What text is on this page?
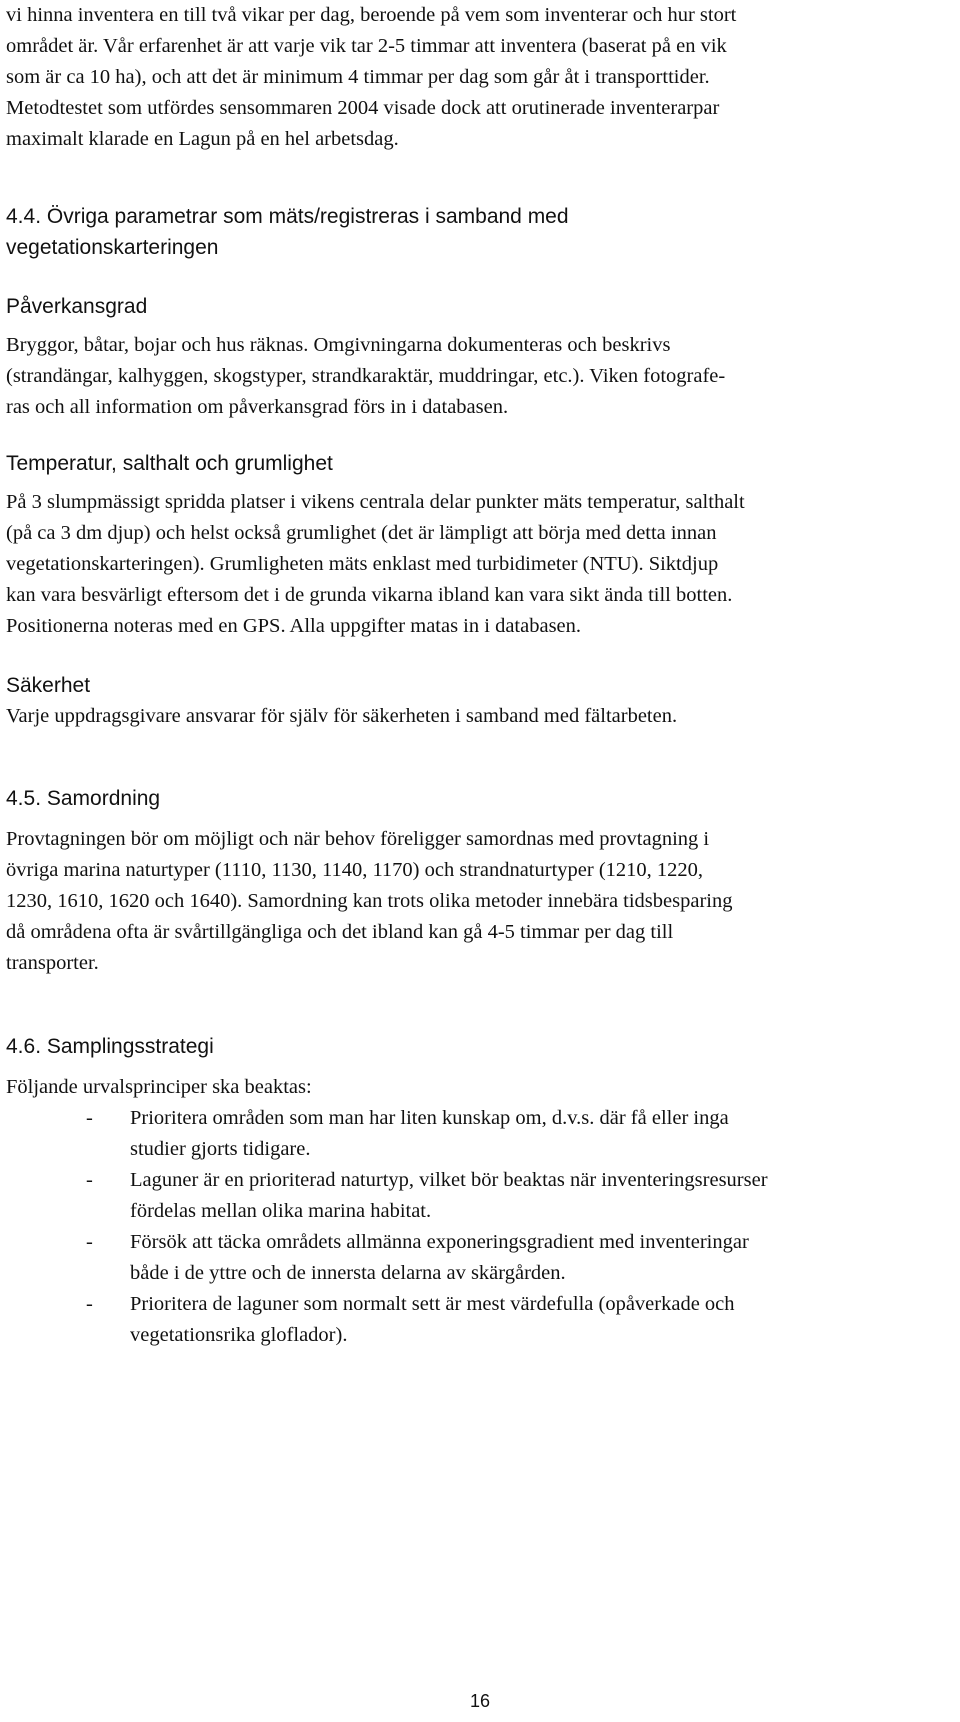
vi hinna inventera en till två vikar per dag, beroende på vem som inventerar och hur stort

området är. Vår erfarenhet är att varje vik tar 2-5 timmar att inventera (baserat på en vik

som är ca 10 ha), och att det är minimum 4 timmar per dag som går åt i transporttider.

Metodtestet som utfördes sensommaren 2004 visade dock att orutinerade inventerarpar

maximalt klarade en Lagun på en hel arbetsdag.

4.4. Övriga parametrar som mäts/registreras i samband med
vegetationskarteringen
Påverkansgrad

Bryggor, båtar, bojar och hus räknas. Omgivningarna dokumenteras och beskrivs

(strandängar, kalhyggen, skogstyper, strandkaraktär, muddringar, etc.). Viken fotografe-

ras och all information om påverkansgrad förs in i databasen.

Temperatur, salthalt och grumlighet

På 3 slumpmässigt spridda platser i vikens centrala delar punkter mäts temperatur, salthalt

(på ca 3 dm djup) och helst också grumlighet (det är lämpligt att börja med detta innan

vegetationskarteringen). Grumligheten mäts enklast med turbidimeter (NTU). Siktdjup

kan vara besvärligt eftersom det i de grunda vikarna ibland kan vara sikt ända till botten.

Positionerna noteras med en GPS. Alla uppgifter matas in i databasen.

Säkerhet

Varje uppdragsgivare ansvarar för själv för säkerheten i samband med fältarbeten.

4.5. Samordning

Provtagningen bör om möjligt och när behov föreligger samordnas med provtagning i

övriga marina naturtyper (1110, 1130, 1140, 1170) och strandnaturtyper (1210, 1220,

1230, 1610, 1620 och 1640). Samordning kan trots olika metoder innebära tidsbesparing

då områdena ofta är svårtillgängliga och det ibland kan gå 4-5 timmar per dag till

transporter.

4.6. Samplingsstrategi

Följande urvalsprinciper ska beaktas:

-	Prioritera områden som man har liten kunskap om, d.v.s. där få eller inga

studier gjorts tidigare.

-	Laguner är en prioriterad naturtyp, vilket bör beaktas när inventeringsresurser

fördelas mellan olika marina habitat.

-	Försök att täcka områdets allmänna exponeringsgradient med inventeringar

både i de yttre och de innersta delarna av skärgården.

-	Prioritera de laguner som normalt sett är mest värdefulla (opåverkade och

vegetationsrika gloflador).

16
